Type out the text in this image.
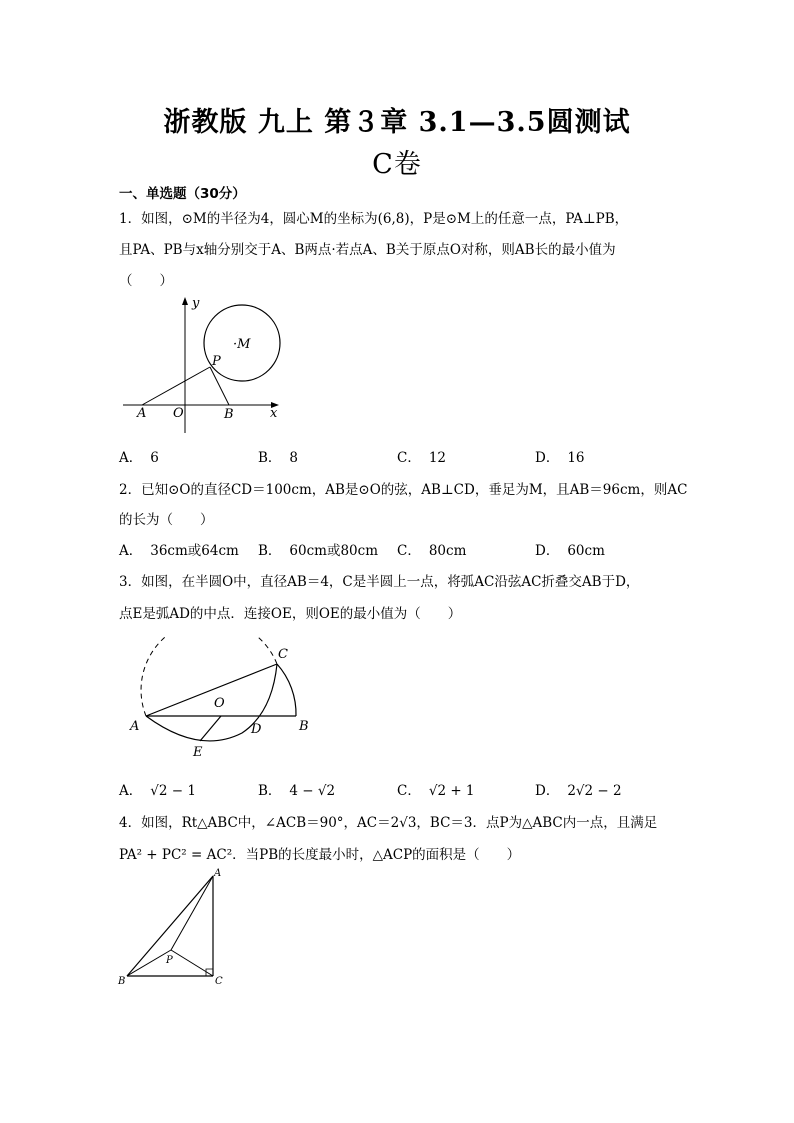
浙教版 九上 第３章 3.1—3.5圆测试
C卷
一、单选题（30分）
1．如图，⊙M的半径为4，圆心M的坐标为(6,8)，P是⊙M上的任意一点，PA⊥PB，
且PA、PB与x轴分别交于A、B两点·若点A、B关于原点O对称，则AB长的最小值为
（　　）
y
x
·M
P
A O	B
A． 6	B． 8	C． 12	D． 16
2．已知⊙O的直径CD＝100cm，AB是⊙O的弦，AB⊥CD，垂足为M，且AB＝96cm，则AC
的长为（　　）
A． 36cm或64cm B． 60cm或80cm C． 80cm	D． 60cm
3．如图，在半圆O中，直径AB＝4，C是半圆上一点，将弧AC沿弦AC折叠交AB于D，
点E是弧AD的中点．连接OE，则OE的最小值为（　　）
C
O
A	D	B
E
A． √2 − 1	B． 4 − √2	C． √2 + 1	D． 2√2 − 2
4．如图，Rt△ABC中，∠ACB＝90°，AC＝2√3，BC＝3．点P为△ABC内一点，且满足
PA² + PC² = AC²．当PB的长度最小时，△ACP的面积是（　　）
A
P
B	C
